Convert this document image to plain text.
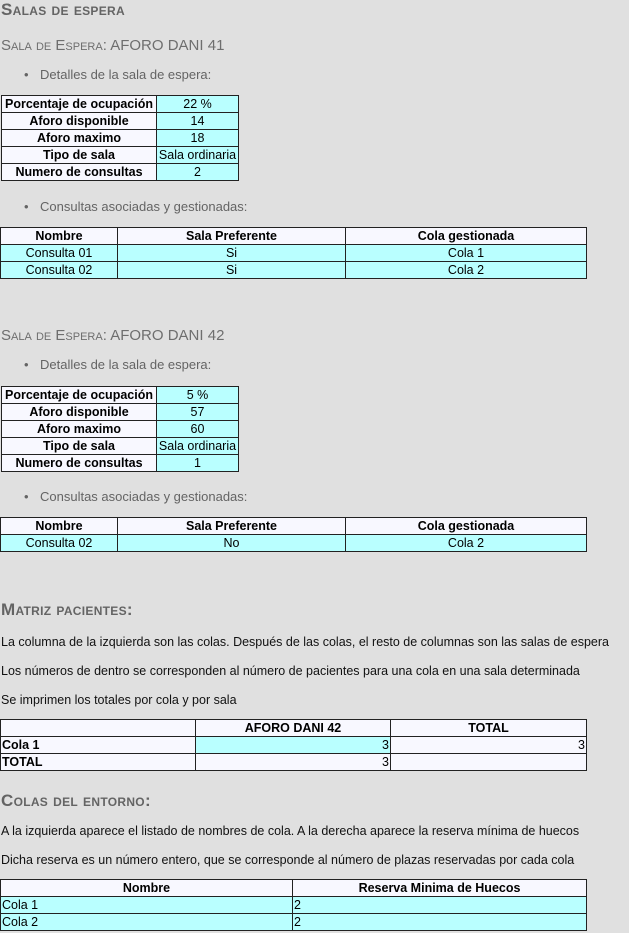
Salas de espera
Sala de Espera: AFORO DANI 41

• Detalles de la sala de espera:

Porcentaje de ocupación	22 %
Aforo disponible	14
Aforo maximo	18
Tipo de sala	Sala ordinaria
Numero de consultas	2

• Consultas asociadas y gestionadas:

Nombre	Sala Preferente	Cola gestionada
Consulta 01	Si	Cola 1
Consulta 02	Si	Cola 2
Sala de Espera: AFORO DANI 42

• Detalles de la sala de espera:

Porcentaje de ocupación	5 %
Aforo disponible	57
Aforo maximo	60
Tipo de sala	Sala ordinaria
Numero de consultas	1

• Consultas asociadas y gestionadas:

Nombre	Sala Preferente	Cola gestionada
Consulta 02	No	Cola 2
Matriz pacientes:

La columna de la izquierda son las colas. Después de las colas, el resto de columnas son las salas de espera

Los números de dentro se corresponden al número de pacientes para una cola en una sala determinada

Se imprimen los totales por cola y por sala

	AFORO DANI 42	TOTAL
Cola 1	3	3
TOTAL	3	
Colas del entorno:

A la izquierda aparece el listado de nombres de cola. A la derecha aparece la reserva mínima de huecos

Dicha reserva es un número entero, que se corresponde al número de plazas reservadas por cada cola

Nombre	Reserva Minima de Huecos
Cola 1	2
Cola 2	2
